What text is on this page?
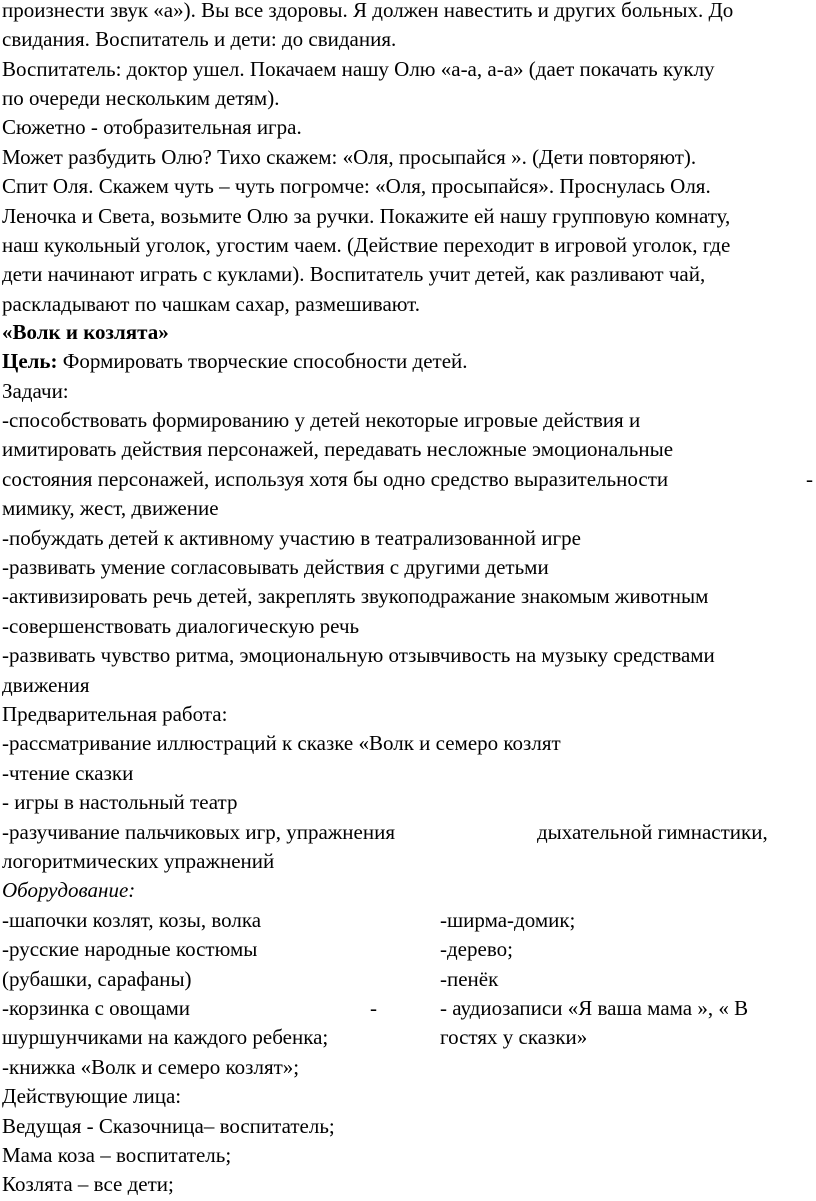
произнести звук «а»). Вы все здоровы. Я должен навестить и других больных. До
свидания. Воспитатель и дети: до свидания.
Воспитатель: доктор ушел. Покачаем нашу Олю «а-а, а-а» (дает покачать куклу
по очереди нескольким детям).
Сюжетно - отобразительная игра.
Может разбудить Олю? Тихо скажем: «Оля, просыпайся ». (Дети повторяют).
Спит Оля. Скажем чуть – чуть погромче: «Оля, просыпайся». Проснулась Оля.
Леночка и Света, возьмите Олю за ручки. Покажите ей нашу групповую комнату,
наш кукольный уголок, угостим чаем. (Действие переходит в игровой уголок, где
дети начинают играть с куклами). Воспитатель учит детей, как разливают чай,
раскладывают по чашкам сахар, размешивают.
«Волк и козлята»
Цель: Формировать творческие способности детей.
Задачи:
-способствовать формированию у детей некоторые игровые действия и
имитировать действия персонажей, передавать несложные эмоциональные
состояния персонажей, используя хотя бы одно средство выразительности	-
мимику, жест, движение
-побуждать детей к активному участию в театрализованной игре
-развивать умение согласовывать действия с другими детьми
-активизировать речь детей, закреплять звукоподражание знакомым животным
-совершенствовать диалогическую речь
-развивать чувство ритма, эмоциональную отзывчивость на музыку средствами
движения
Предварительная работа:
-рассматривание иллюстраций к сказке «Волк и семеро козлят
-чтение сказки
- игры в настольный театр
-разучивание пальчиковых игр, упражнения	дыхательной гимнастики,
логоритмических упражнений
Оборудование:
-шапочки козлят, козы, волка	-ширма-домик;
-русские народные костюмы	-дерево;
(рубашки, сарафаны)	-пенёк
-корзинка с овощами	-	- аудиозаписи «Я ваша мама », « В
шуршунчиками на каждого ребенка;	гостях у сказки»
-книжка «Волк и семеро козлят»;
Действующие лица:
Ведущая - Сказочница– воспитатель;
Мама коза – воспитатель;
Козлята – все дети;
